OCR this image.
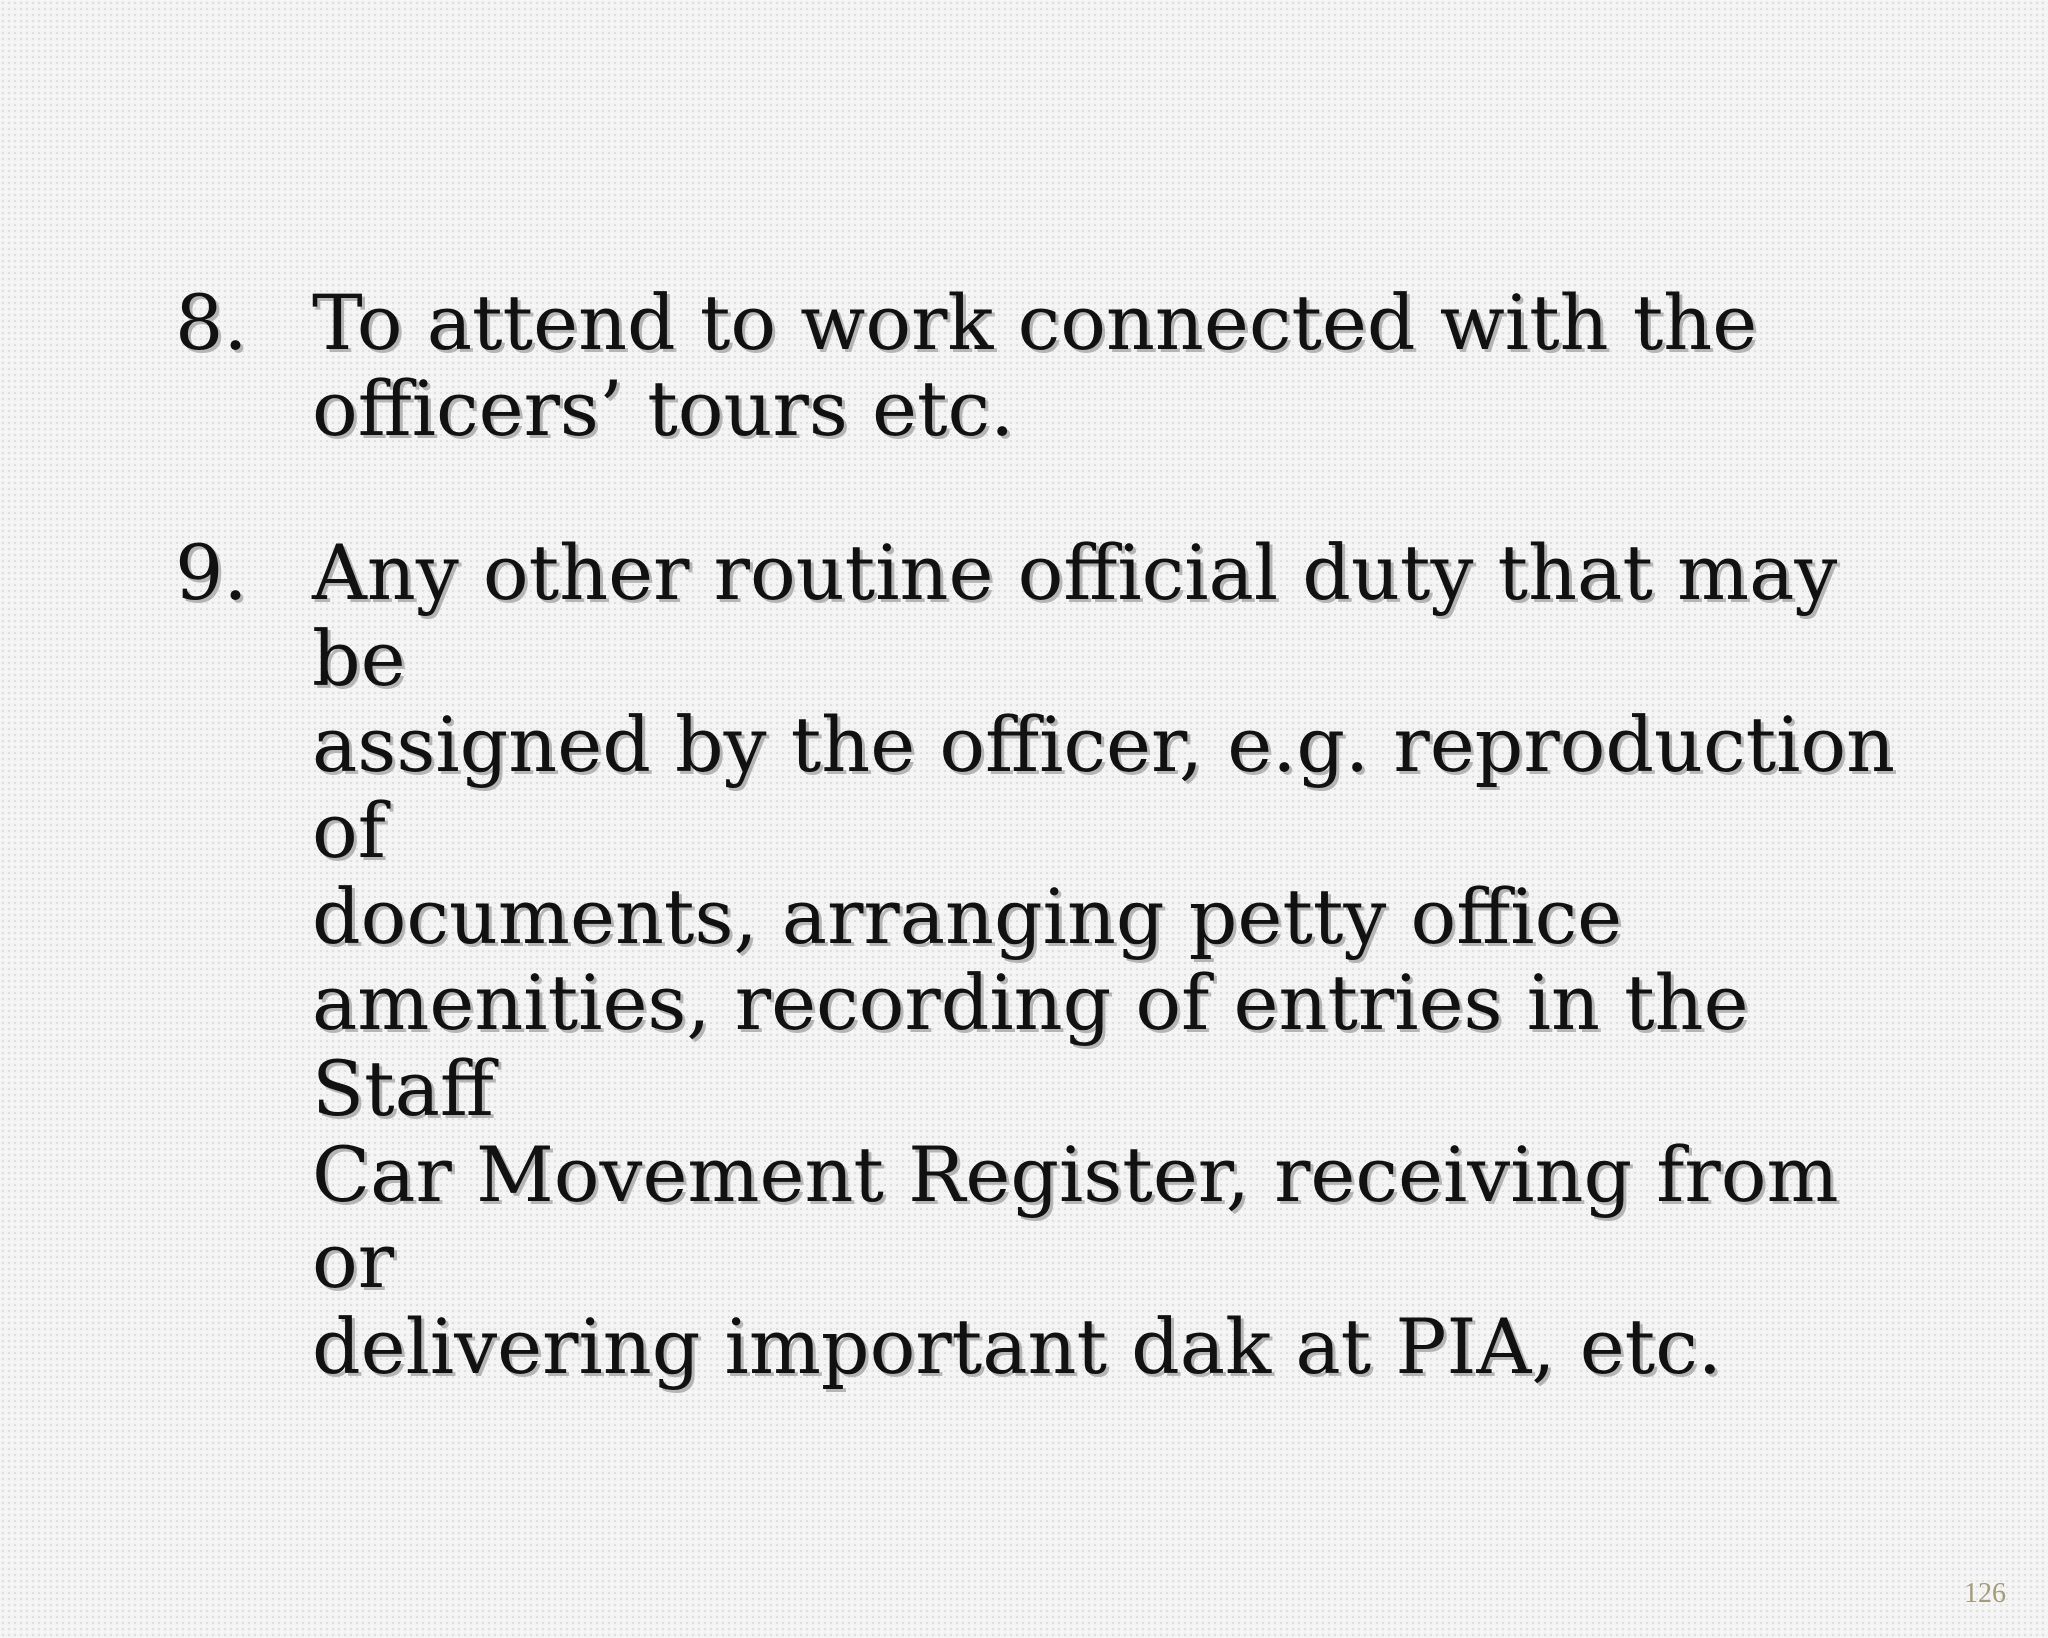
8. To attend to work connected with the
officers’ tours etc.
9. Any other routine official duty that may be
assigned by the officer, e.g. reproduction of
documents, arranging petty office
amenities, recording of entries in the Staff
Car Movement Register, receiving from or
delivering important dak at PIA, etc.
126
